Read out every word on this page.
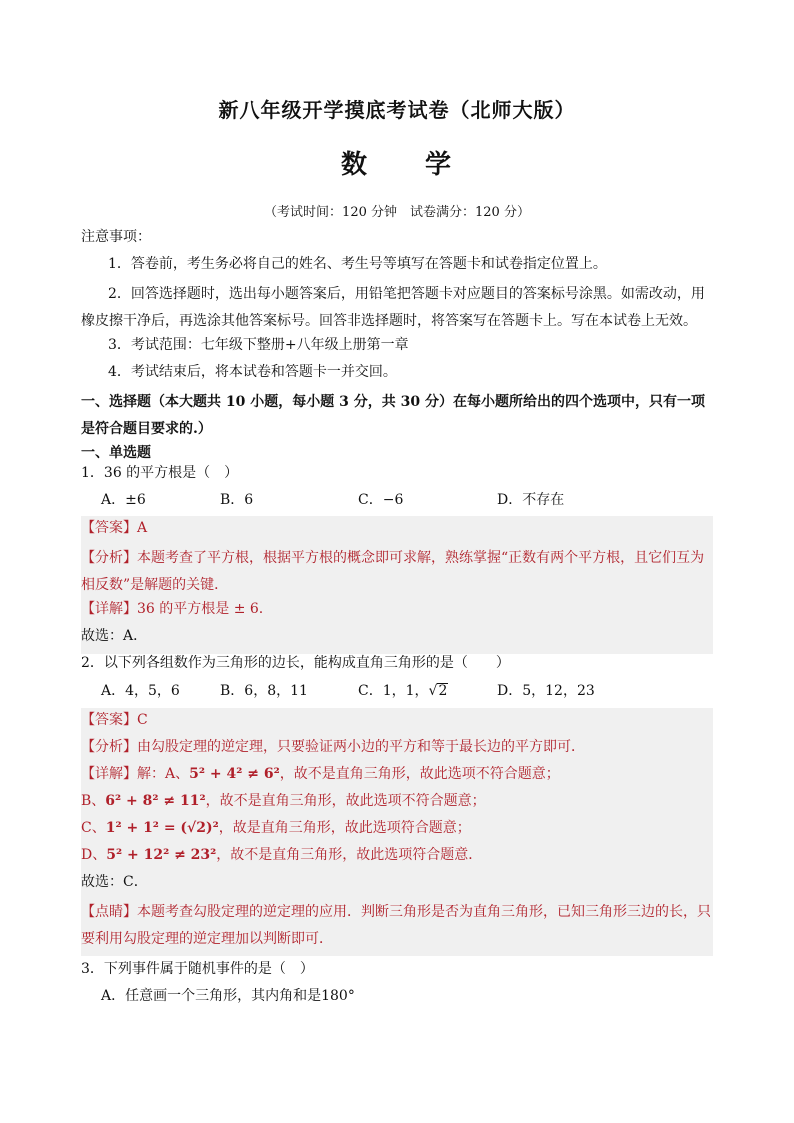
新八年级开学摸底考试卷（北师大版）
数　　学
（考试时间：120 分钟　试卷满分：120 分）
注意事项：
1．答卷前，考生务必将自己的姓名、考生号等填写在答题卡和试卷指定位置上。
2．回答选择题时，选出每小题答案后，用铅笔把答题卡对应题目的答案标号涂黑。如需改动，用橡皮擦干净后，再选涂其他答案标号。回答非选择题时，将答案写在答题卡上。写在本试卷上无效。
3．考试范围：七年级下整册+八年级上册第一章
4．考试结束后，将本试卷和答题卡一并交回。
一、选择题（本大题共 10 小题，每小题 3 分，共 30 分）在每小题所给出的四个选项中，只有一项是符合题目要求的.）
一、单选题
1．36 的平方根是（　）
A．±6	B．6	C．−6	D．不存在
【答案】A
【分析】本题考查了平方根，根据平方根的概念即可求解，熟练掌握“正数有两个平方根，且它们互为相反数”是解题的关键．
【详解】36 的平方根是 ± 6.
故选：A．
2．以下列各组数作为三角形的边长，能构成直角三角形的是（　　）
A．4，5，6	B．6，8，11	C．1，1，√2	D．5，12，23
【答案】C
【分析】由勾股定理的逆定理，只要验证两小边的平方和等于最长边的平方即可．
【详解】解：A、5² + 4² ≠ 6²，故不是直角三角形，故此选项不符合题意；
B、6² + 8² ≠ 11²，故不是直角三角形，故此选项不符合题意；
C、1² + 1² = (√2)²，故是直角三角形，故此选项符合题意；
D、5² + 12² ≠ 23²，故不是直角三角形，故此选项符合题意．
故选：C．
【点睛】本题考查勾股定理的逆定理的应用．判断三角形是否为直角三角形，已知三角形三边的长，只要利用勾股定理的逆定理加以判断即可．
3．下列事件属于随机事件的是（　）
A．任意画一个三角形，其内角和是180°
